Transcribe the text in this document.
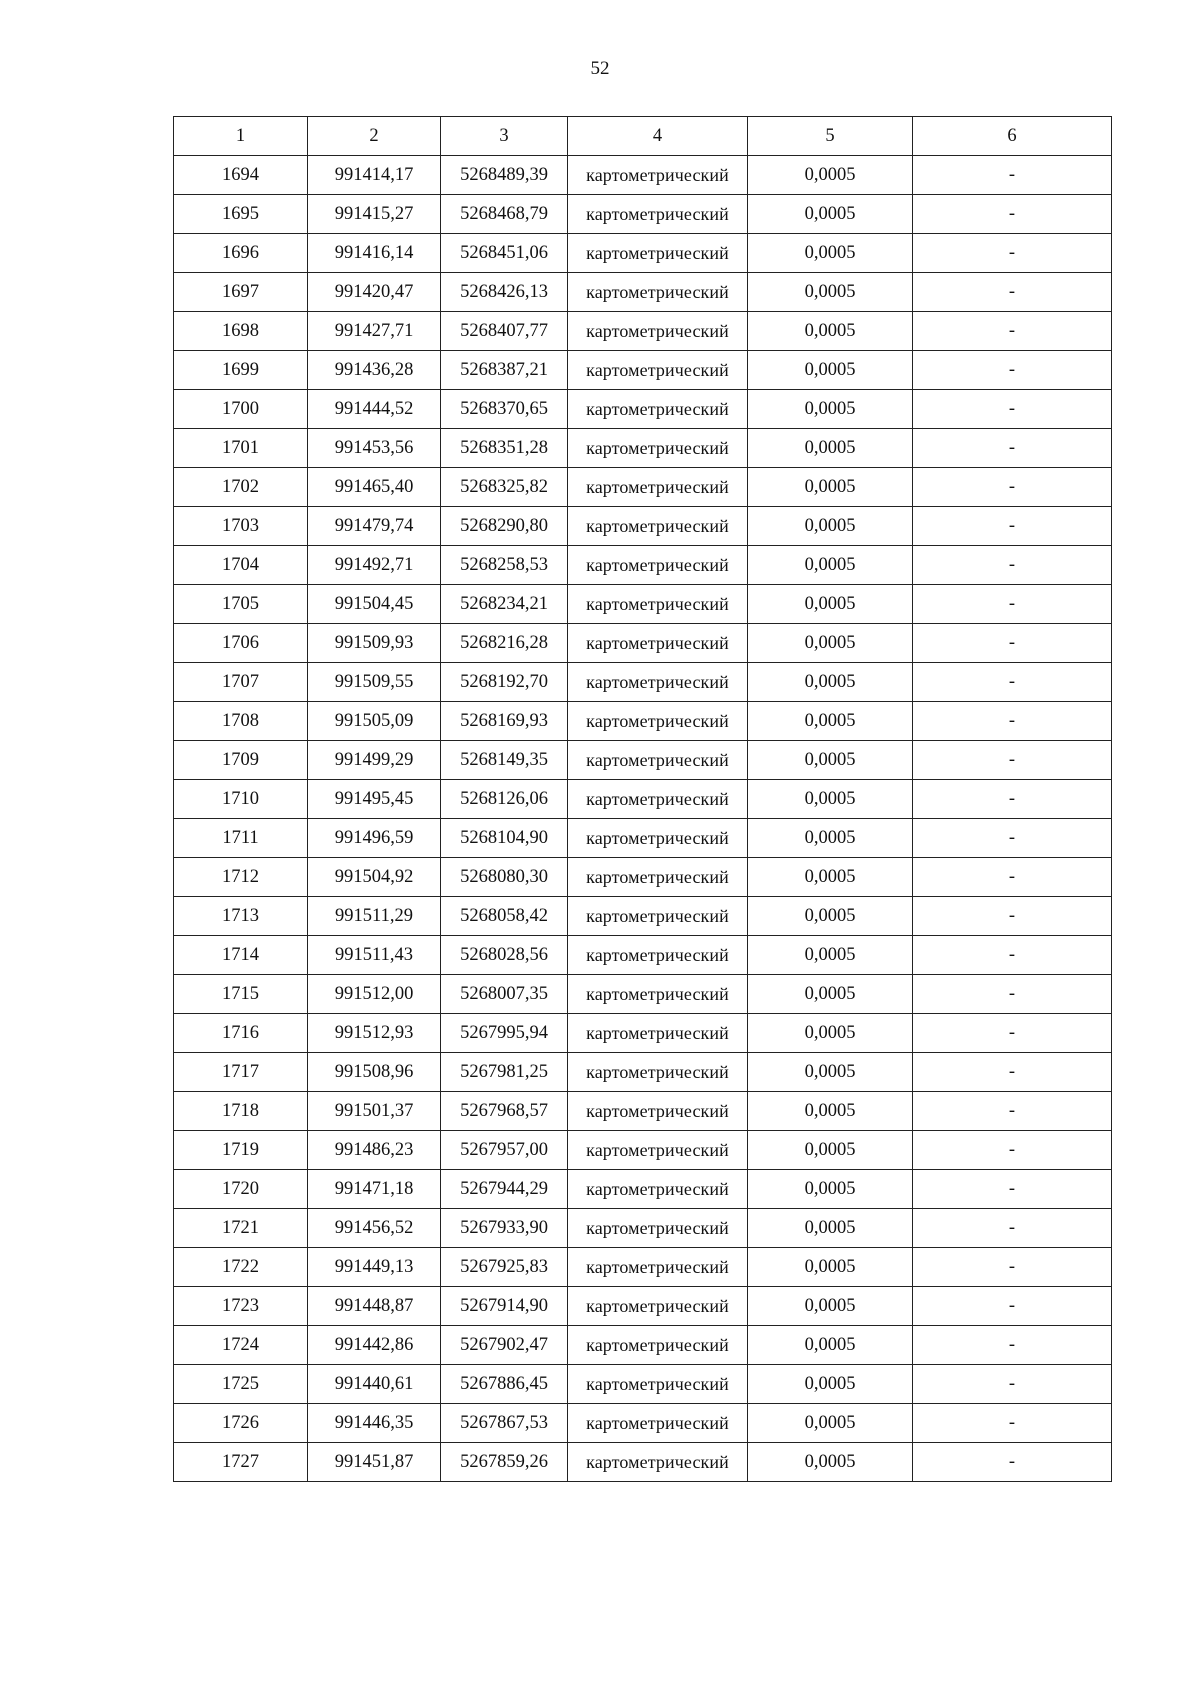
52
1	2	3	4	5	6
1694	991414,17	5268489,39	картометрический	0,0005	-
1695	991415,27	5268468,79	картометрический	0,0005	-
1696	991416,14	5268451,06	картометрический	0,0005	-
1697	991420,47	5268426,13	картометрический	0,0005	-
1698	991427,71	5268407,77	картометрический	0,0005	-
1699	991436,28	5268387,21	картометрический	0,0005	-
1700	991444,52	5268370,65	картометрический	0,0005	-
1701	991453,56	5268351,28	картометрический	0,0005	-
1702	991465,40	5268325,82	картометрический	0,0005	-
1703	991479,74	5268290,80	картометрический	0,0005	-
1704	991492,71	5268258,53	картометрический	0,0005	-
1705	991504,45	5268234,21	картометрический	0,0005	-
1706	991509,93	5268216,28	картометрический	0,0005	-
1707	991509,55	5268192,70	картометрический	0,0005	-
1708	991505,09	5268169,93	картометрический	0,0005	-
1709	991499,29	5268149,35	картометрический	0,0005	-
1710	991495,45	5268126,06	картометрический	0,0005	-
1711	991496,59	5268104,90	картометрический	0,0005	-
1712	991504,92	5268080,30	картометрический	0,0005	-
1713	991511,29	5268058,42	картометрический	0,0005	-
1714	991511,43	5268028,56	картометрический	0,0005	-
1715	991512,00	5268007,35	картометрический	0,0005	-
1716	991512,93	5267995,94	картометрический	0,0005	-
1717	991508,96	5267981,25	картометрический	0,0005	-
1718	991501,37	5267968,57	картометрический	0,0005	-
1719	991486,23	5267957,00	картометрический	0,0005	-
1720	991471,18	5267944,29	картометрический	0,0005	-
1721	991456,52	5267933,90	картометрический	0,0005	-
1722	991449,13	5267925,83	картометрический	0,0005	-
1723	991448,87	5267914,90	картометрический	0,0005	-
1724	991442,86	5267902,47	картометрический	0,0005	-
1725	991440,61	5267886,45	картометрический	0,0005	-
1726	991446,35	5267867,53	картометрический	0,0005	-
1727	991451,87	5267859,26	картометрический	0,0005	-
